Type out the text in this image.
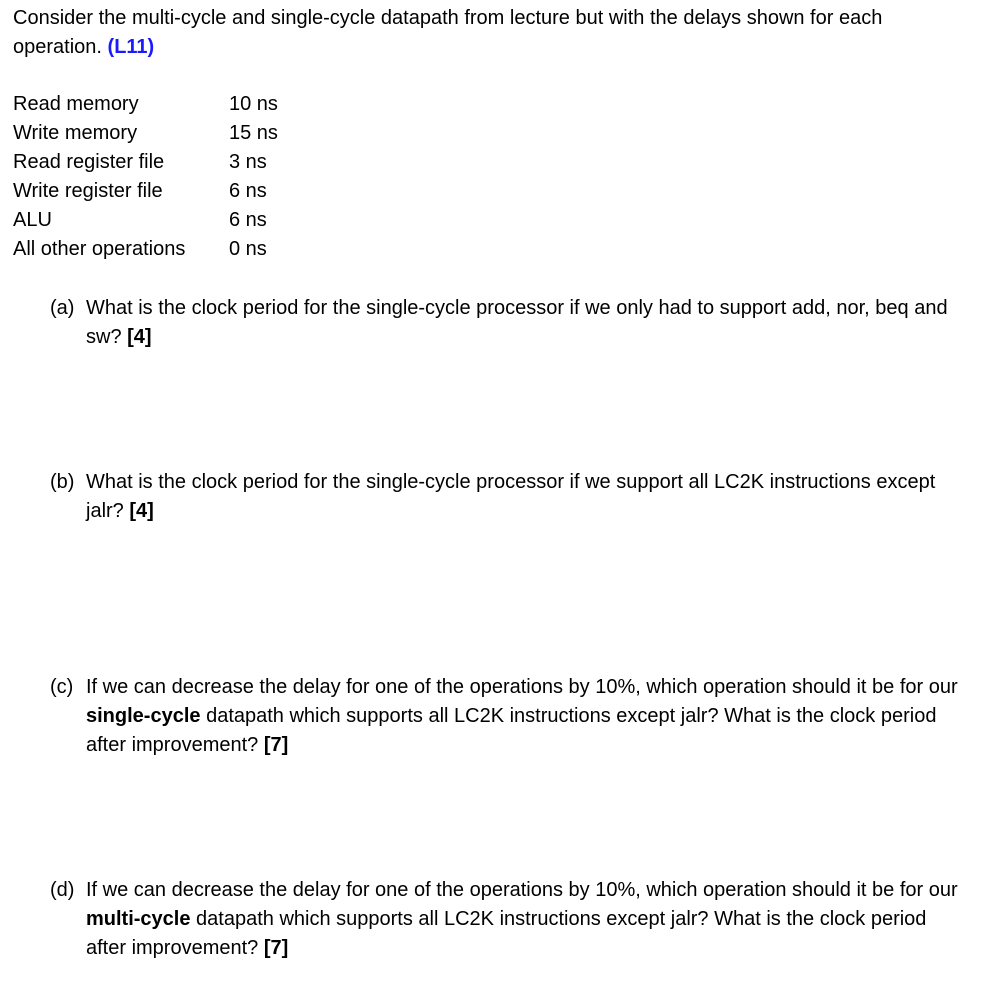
Consider the multi-cycle and single-cycle datapath from lecture but with the delays shown for each operation. (L11)

Read memory	10 ns
Write memory	15 ns
Read register file	3 ns
Write register file	6 ns
ALU	6 ns
All other operations 0 ns
(a) What is the clock period for the single-cycle processor if we only had to support add, nor, beq and sw? [4]
(b) What is the clock period for the single-cycle processor if we support all LC2K instructions except jalr? [4]
(c) If we can decrease the delay for one of the operations by 10%, which operation should it be for our single-cycle datapath which supports all LC2K instructions except jalr? What is the clock period after improvement? [7]
(d) If we can decrease the delay for one of the operations by 10%, which operation should it be for our multi-cycle datapath which supports all LC2K instructions except jalr? What is the clock period after improvement? [7]
